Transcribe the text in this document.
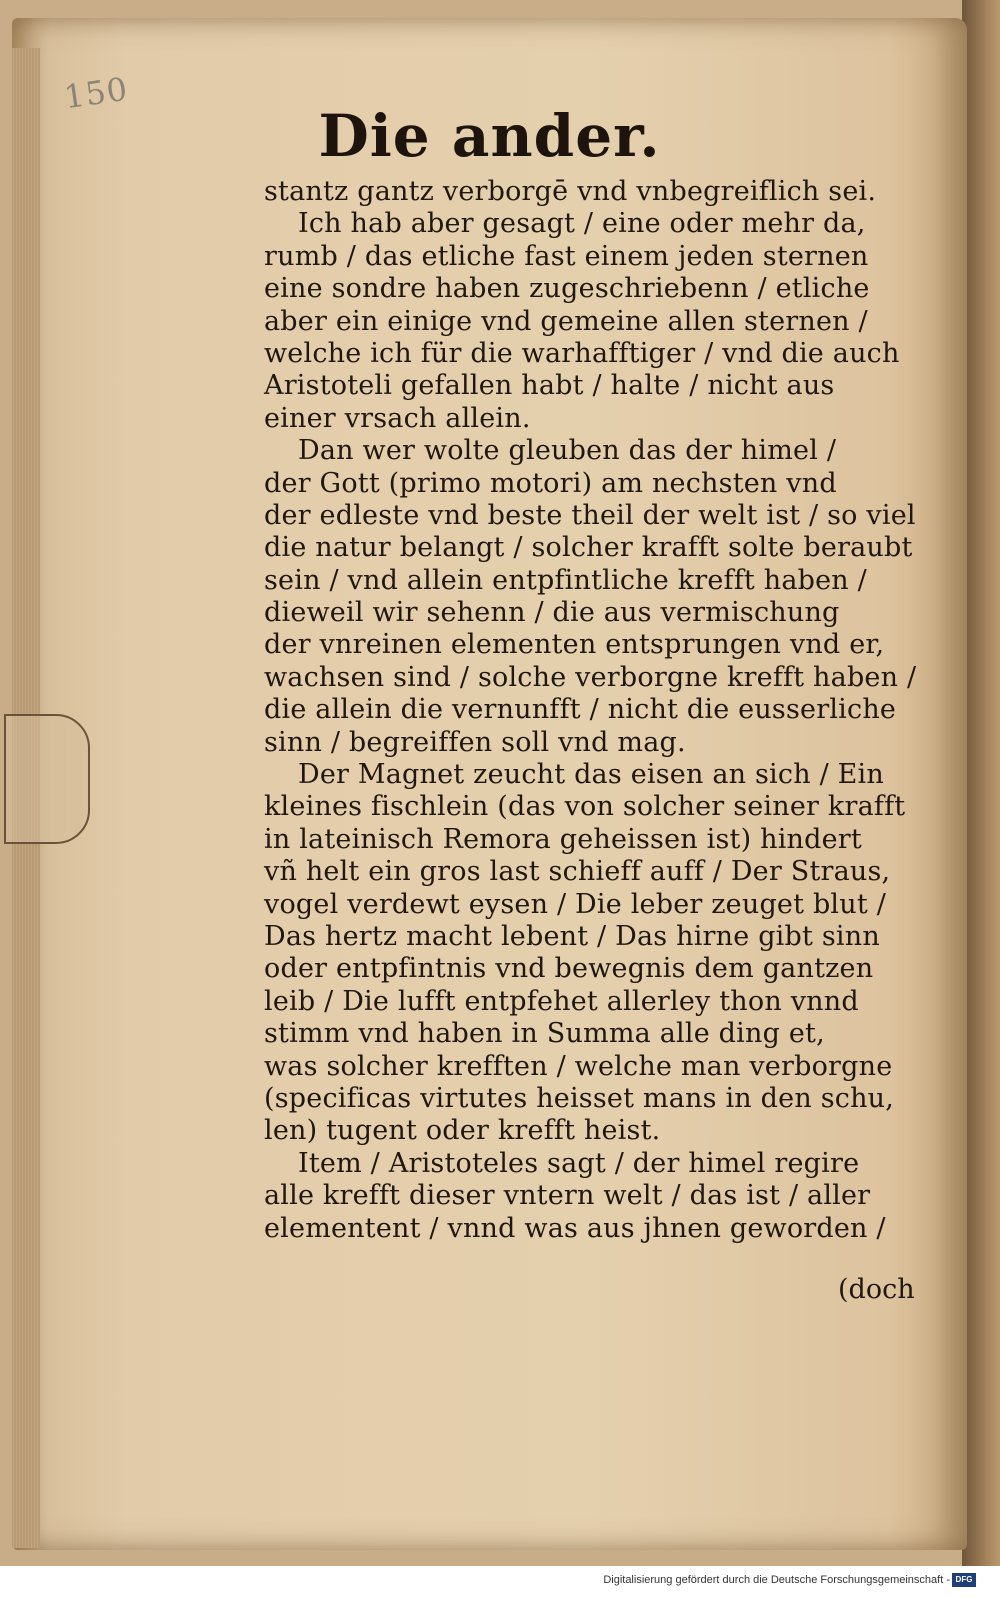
150
Die ander.
stantz gantz verborgē vnd vnbegreiflich sei.
Ich hab aber gesagt / eine oder mehr da,
rumb / das etliche fast einem jeden sternen
eine sondre haben zugeschriebenn / etliche
aber ein einige vnd gemeine allen sternen /
welche ich für die warhafftiger / vnd die auch
Aristoteli gefallen habt / halte / nicht aus
einer vrsach allein.
Dan wer wolte gleuben das der himel /
der Gott (primo motori) am nechsten vnd
der edleste vnd beste theil der welt ist / so viel
die natur belangt / solcher krafft solte beraubt
sein / vnd allein entpfintliche krefft haben /
dieweil wir sehenn / die aus vermischung
der vnreinen elementen entsprungen vnd er,
wachsen sind / solche verborgne krefft haben /
die allein die vernunfft / nicht die eusserliche
sinn / begreiffen soll vnd mag.
Der Magnet zeucht das eisen an sich / Ein
kleines fischlein (das von solcher seiner krafft
in lateinisch Remora geheissen ist) hindert
vñ helt ein gros last schieff auff / Der Straus,
vogel verdewt eysen / Die leber zeuget blut /
Das hertz macht lebent / Das hirne gibt sinn
oder entpfintnis vnd bewegnis dem gantzen
leib / Die lufft entpfehet allerley thon vnnd
stimm vnd haben in Summa alle ding et,
was solcher krefften / welche man verborgne
(specificas virtutes heisset mans in den schu,
len) tugent oder krefft heist.
Item / Aristoteles sagt / der himel regire
alle krefft dieser vntern welt / das ist / aller
elementent / vnnd was aus jhnen geworden /
(doch
Digitalisierung gefördert durch die Deutsche Forschungsgemeinschaft - DFG
